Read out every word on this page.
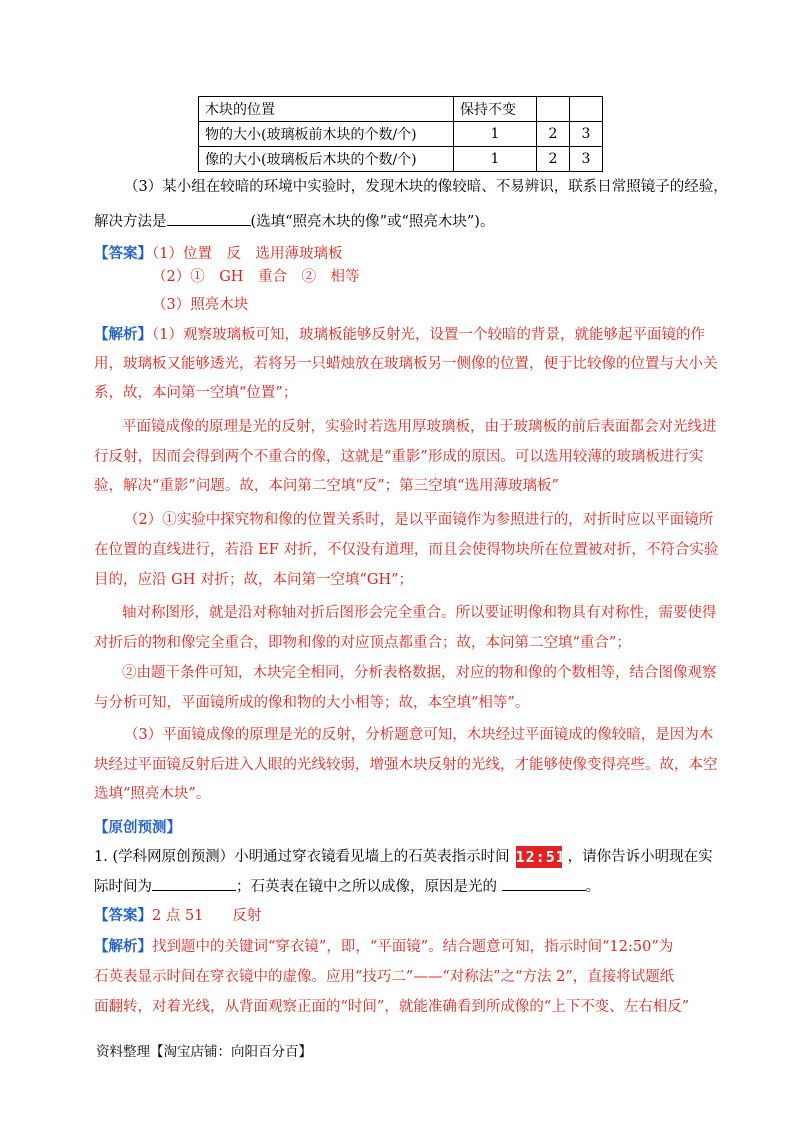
木块的位置	保持不变		
物的大小(玻璃板前木块的个数/个)	1	2	3
像的大小(玻璃板后木块的个数/个)	1	2	3
（3）某小组在较暗的环境中实验时，发现木块的像较暗、不易辨识，联系日常照镜子的经验，
解决方法是	(选填“照亮木块的像”或“照亮木块”)。
【答案】（1）位置　反　选用薄玻璃板
（2）①　GH　重合　②　相等
（3）照亮木块
【解析】（1）观察玻璃板可知，玻璃板能够反射光，设置一个较暗的背景，就能够起平面镜的作
用，玻璃板又能够透光，若将另一只蜡烛放在玻璃板另一侧像的位置，便于比较像的位置与大小关
系，故，本问第一空填“位置”；
平面镜成像的原理是光的反射，实验时若选用厚玻璃板，由于玻璃板的前后表面都会对光线进
行反射，因而会得到两个不重合的像，这就是“重影”形成的原因。可以选用较薄的玻璃板进行实
验，解决“重影”问题。故，本问第二空填“反”；第三空填“选用薄玻璃板”
（2）①实验中探究物和像的位置关系时，是以平面镜作为参照进行的，对折时应以平面镜所
在位置的直线进行，若沿 EF 对折，不仅没有道理，而且会使得物块所在位置被对折，不符合实验
目的，应沿 GH 对折；故，本问第一空填“GH”；
轴对称图形，就是沿对称轴对折后图形会完全重合。所以要证明像和物具有对称性，需要使得
对折后的物和像完全重合，即物和像的对应顶点都重合；故，本问第二空填“重合”；
②由题干条件可知，木块完全相同，分析表格数据，对应的物和像的个数相等，结合图像观察
与分析可知，平面镜所成的像和物的大小相等；故，本空填“相等”。
（3）平面镜成像的原理是光的反射，分析题意可知，木块经过平面镜成的像较暗，是因为木
块经过平面镜反射后进入人眼的光线较弱，增强木块反射的光线，才能够使像变得亮些。故，本空
选填“照亮木块”。
【原创预测】
1. (学科网原创预测）小明通过穿衣镜看见墙上的石英表指示时间 12:51 ，请你告诉小明现在实
际时间为	；石英表在镜中之所以成像，原因是光的	。
【答案】2 点 51　　反射
【解析】找到题中的关键词“穿衣镜”，即，“平面镜”。结合题意可知，指示时间“12:50”为
石英表显示时间在穿衣镜中的虚像。应用“技巧二”——“对称法”之“方法 2”，直接将试题纸
面翻转，对着光线，从背面观察正面的“时间”，就能准确看到所成像的“上下不变、左右相反”
资料整理【淘宝店铺：向阳百分百】
